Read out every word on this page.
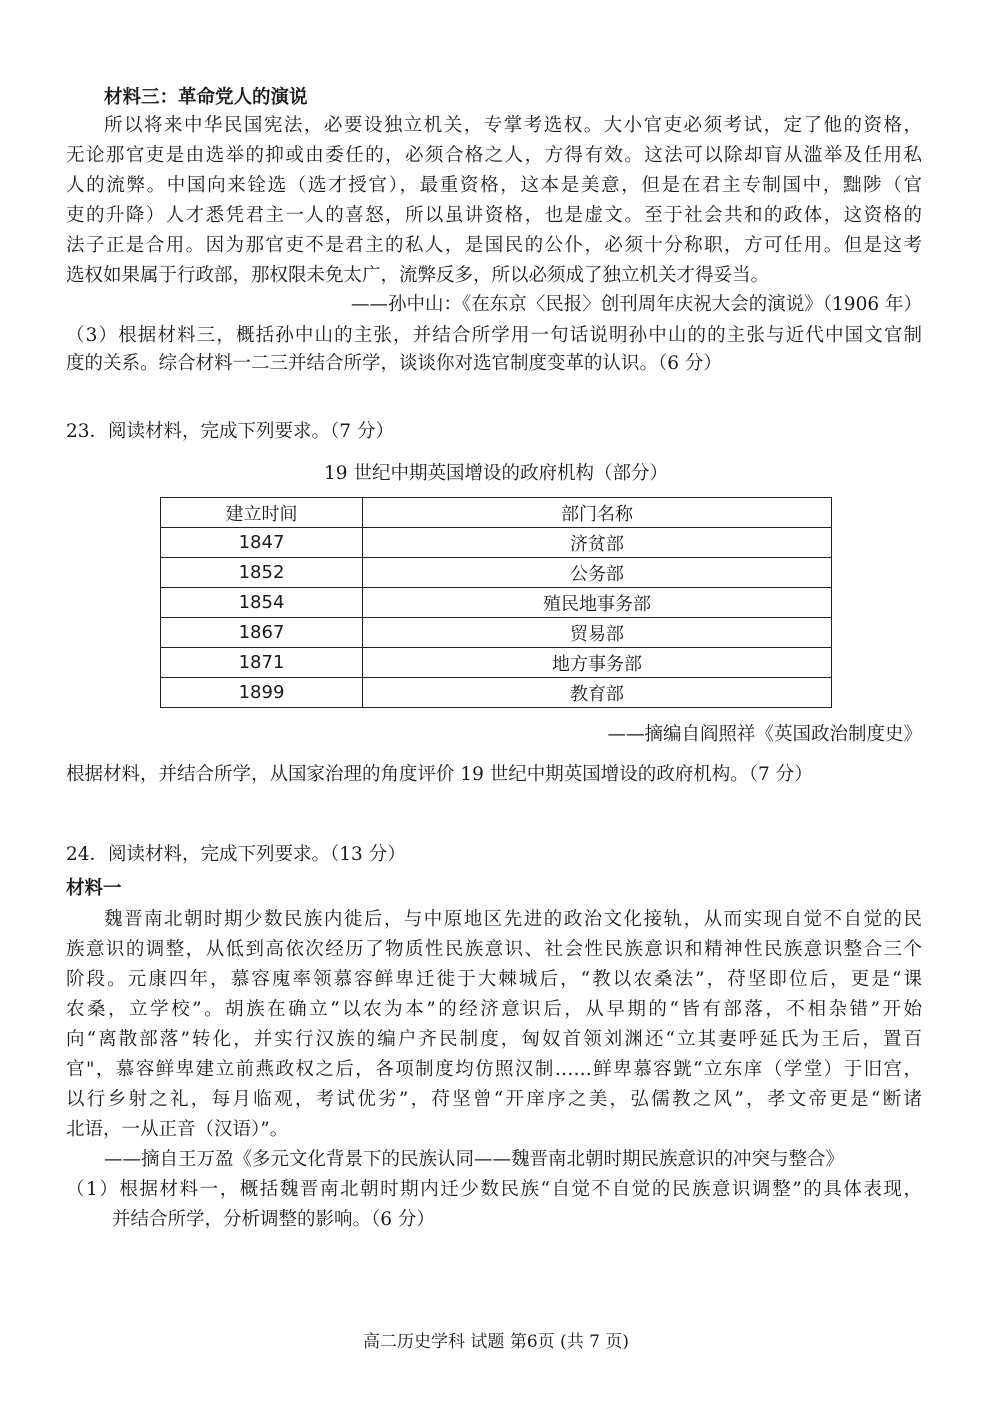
材料三：革命党人的演说
所以将来中华民国宪法，必要设独立机关，专掌考选权。大小官吏必须考试，定了他的资格，
无论那官吏是由选举的抑或由委任的，必须合格之人，方得有效。这法可以除却盲从滥举及任用私
人的流弊。中国向来铨选（选才授官），最重资格，这本是美意，但是在君主专制国中，黜陟（官
吏的升降）人才悉凭君主一人的喜怒，所以虽讲资格，也是虚文。至于社会共和的政体，这资格的
法子正是合用。因为那官吏不是君主的私人，是国民的公仆，必须十分称职，方可任用。但是这考
选权如果属于行政部，那权限未免太广，流弊反多，所以必须成了独立机关才得妥当。
——孙中山：《在东京〈民报〉创刊周年庆祝大会的演说》（1906 年）
（3）根据材料三，概括孙中山的主张，并结合所学用一句话说明孙中山的的主张与近代中国文官制
度的关系。综合材料一二三并结合所学，谈谈你对选官制度变革的认识。（6 分）
23．阅读材料，完成下列要求。（7 分）
19 世纪中期英国增设的政府机构（部分）
建立时间	部门名称
1847	济贫部
1852	公务部
1854	殖民地事务部
1867	贸易部
1871	地方事务部
1899	教育部
——摘编自阎照祥《英国政治制度史》
根据材料，并结合所学，从国家治理的角度评价 19 世纪中期英国增设的政府机构。（7 分）
24．阅读材料，完成下列要求。（13 分）
材料一
魏晋南北朝时期少数民族内徙后，与中原地区先进的政治文化接轨，从而实现自觉不自觉的民
族意识的调整，从低到高依次经历了物质性民族意识、社会性民族意识和精神性民族意识整合三个
阶段。元康四年，慕容廆率领慕容鲜卑迁徙于大棘城后，“教以农桑法”，苻坚即位后，更是“课
农桑，立学校”。胡族在确立“以农为本”的经济意识后，从早期的“皆有部落，不相杂错”开始
向“离散部落”转化，并实行汉族的编户齐民制度，匈奴首领刘渊还“立其妻呼延氏为王后，置百
官"，慕容鲜卑建立前燕政权之后，各项制度均仿照汉制……鲜卑慕容皝“立东庠（学堂）于旧宫，
以行乡射之礼，每月临观，考试优劣”，苻坚曾“开庠序之美，弘儒教之风”，孝文帝更是“断诸
北语，一从正音（汉语）”。
——摘自王万盈《多元文化背景下的民族认同——魏晋南北朝时期民族意识的冲突与整合》
（1）根据材料一，概括魏晋南北朝时期内迁少数民族“自觉不自觉的民族意识调整”的具体表现，
并结合所学，分析调整的影响。（6 分）
高二历史学科 试题 第6页 (共 7 页)
